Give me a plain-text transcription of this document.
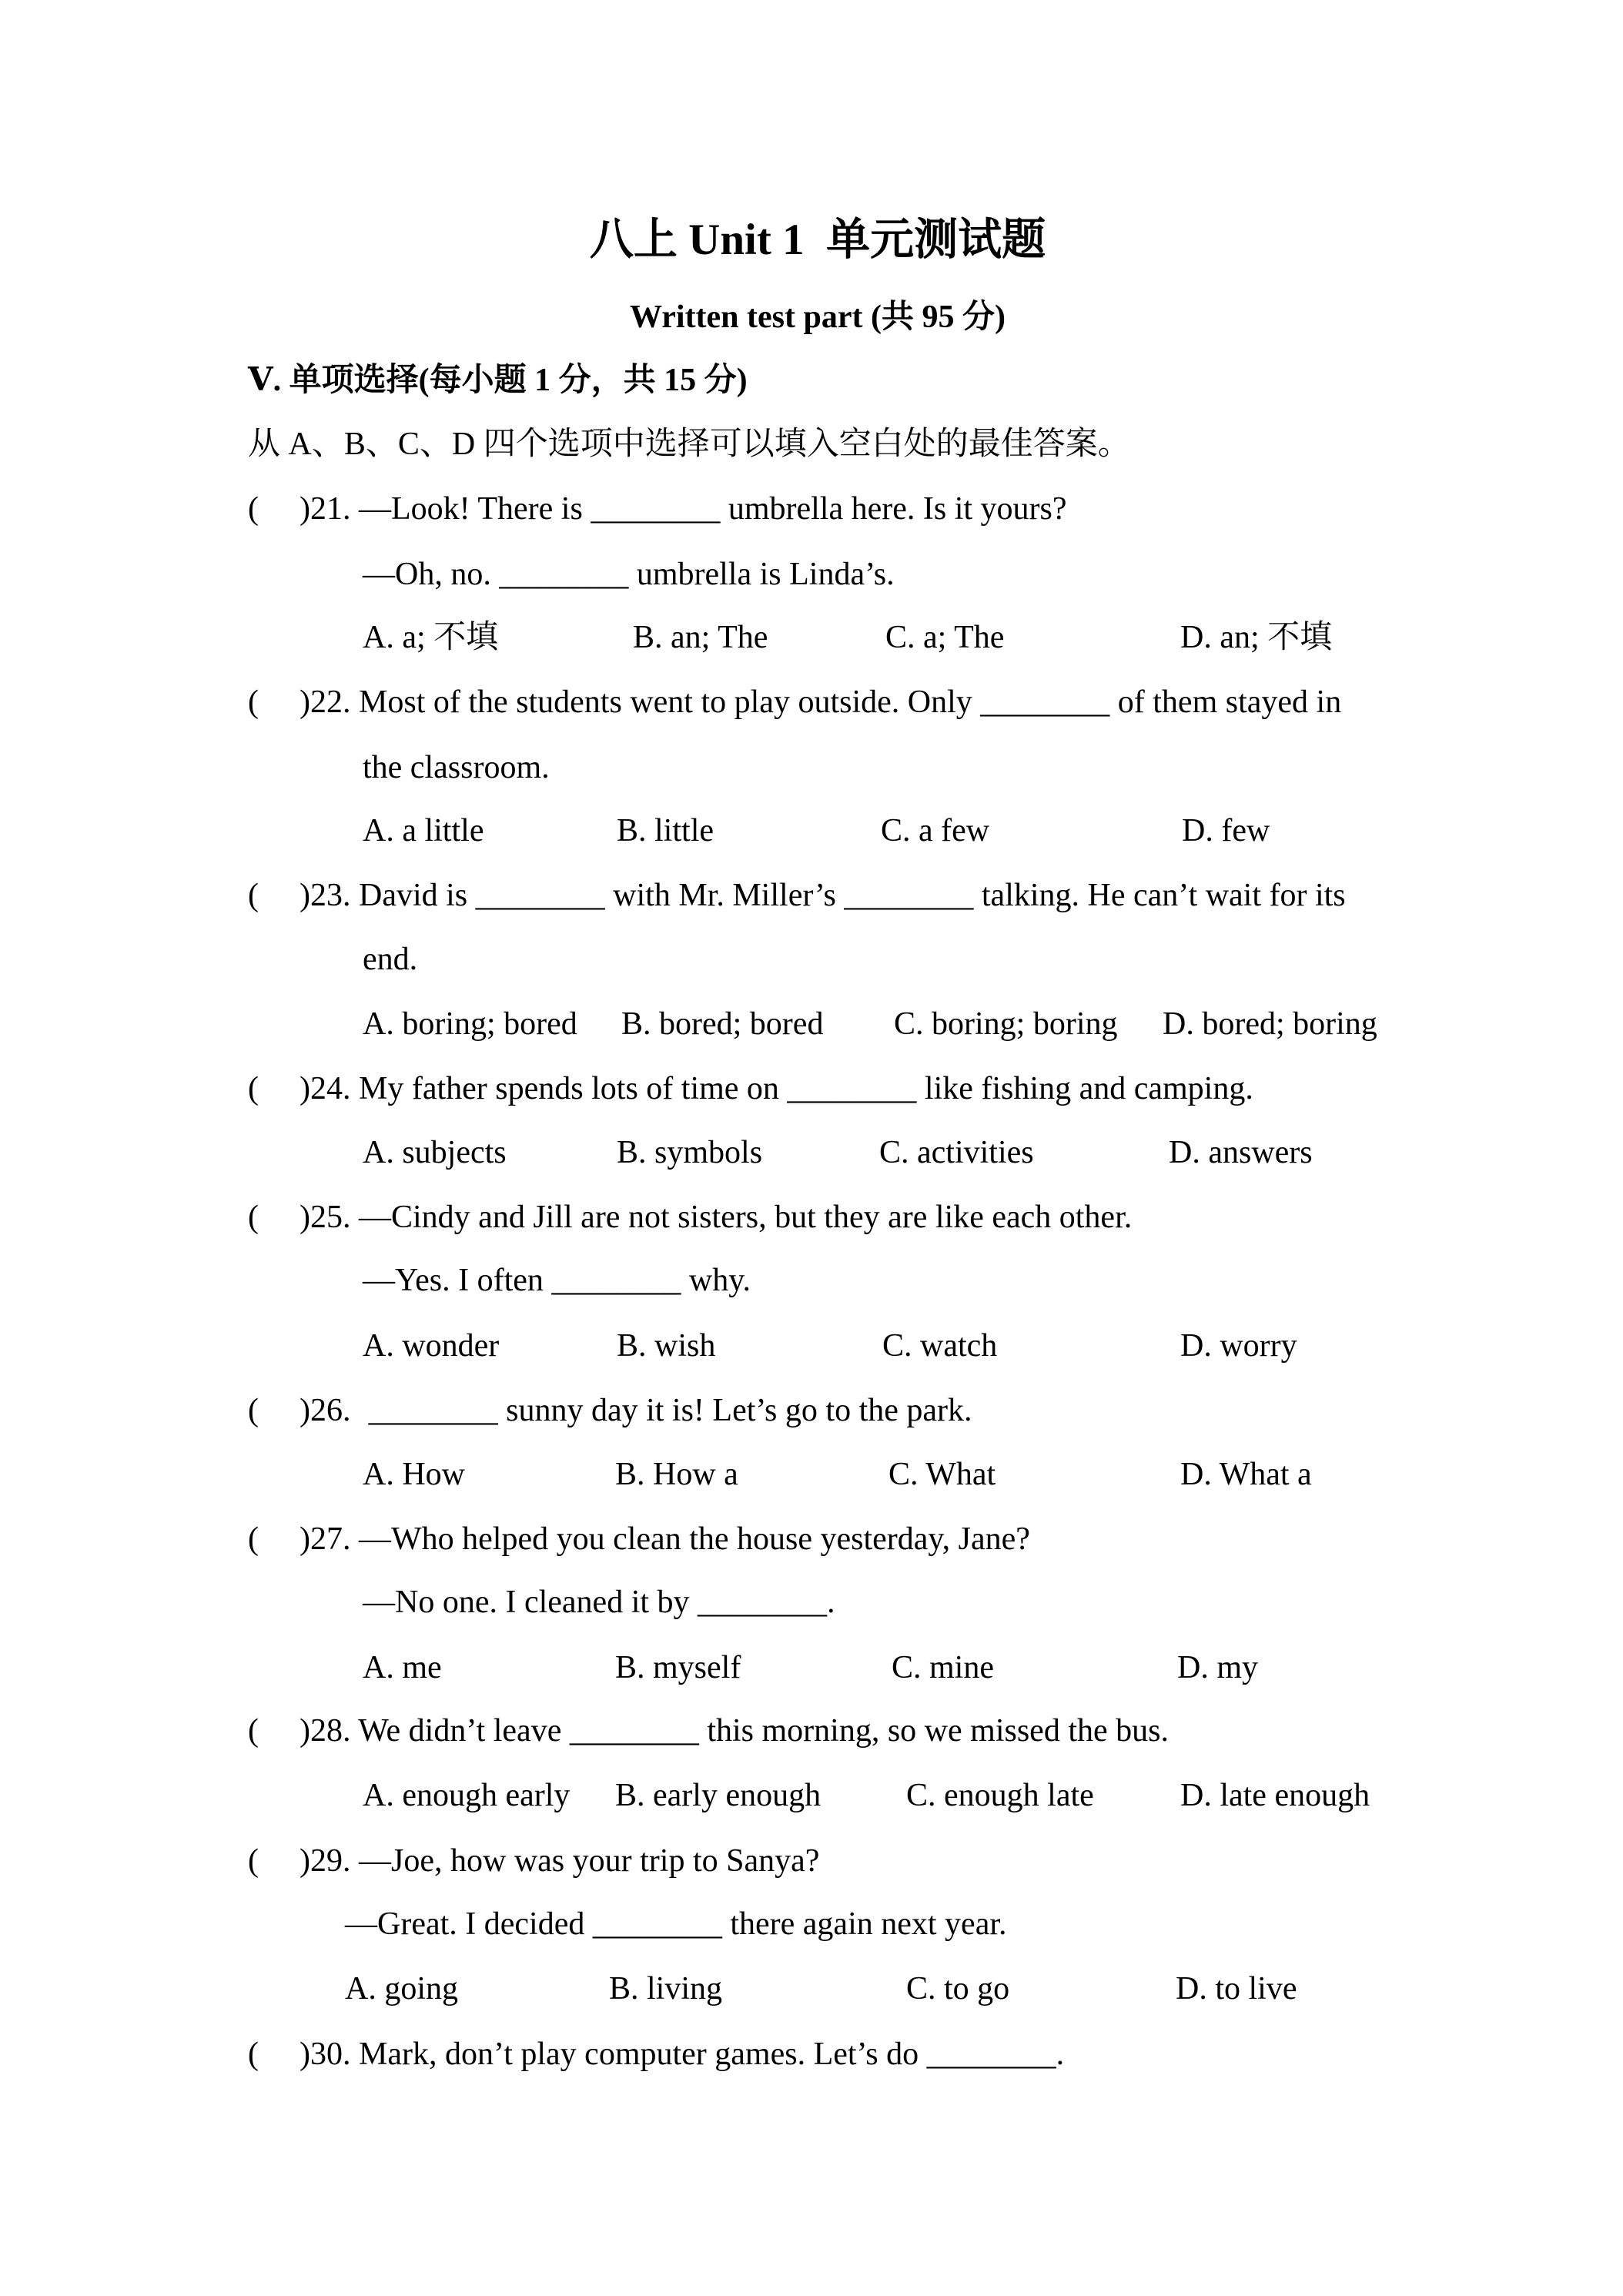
八上 Unit 1  单元测试题
Written test part (共 95 分)
Ⅴ. 单项选择(每小题 1 分，共 15 分)
从 A、B、C、D 四个选项中选择可以填入空白处的最佳答案。
( )21. —Look! There is ________ umbrella here. Is it yours?
—Oh, no. ________ umbrella is Linda’s.
A. a; 不填	B. an; The	C. a; The	D. an; 不填
( )22. Most of the students went to play outside. Only ________ of them stayed in
the classroom.
A. a little	B. little	C. a few	D. few
( )23. David is ________ with Mr. Miller’s ________ talking. He can’t wait for its
end.
A. boring; bored B. bored; bored C. boring; boring D. bored; boring
( )24. My father spends lots of time on ________ like fishing and camping.
A. subjects	B. symbols	C. activities	D. answers
( )25. —Cindy and Jill are not sisters, but they are like each other.
—Yes. I often ________ why.
A. wonder	B. wish	C. watch	D. worry
( )26. ________ sunny day it is! Let’s go to the park.
A. How	B. How a	C. What	D. What a
( )27. —Who helped you clean the house yesterday, Jane?
—No one. I cleaned it by ________.
A. me	B. myself	C. mine	D. my
( )28. We didn’t leave ________ this morning, so we missed the bus.
A. enough early B. early enough	C. enough late	D. late enough
( )29. —Joe, how was your trip to Sanya?
—Great. I decided ________ there again next year.
A. going	B. living	C. to go	D. to live
( )30. Mark, don’t play computer games. Let’s do ________.
